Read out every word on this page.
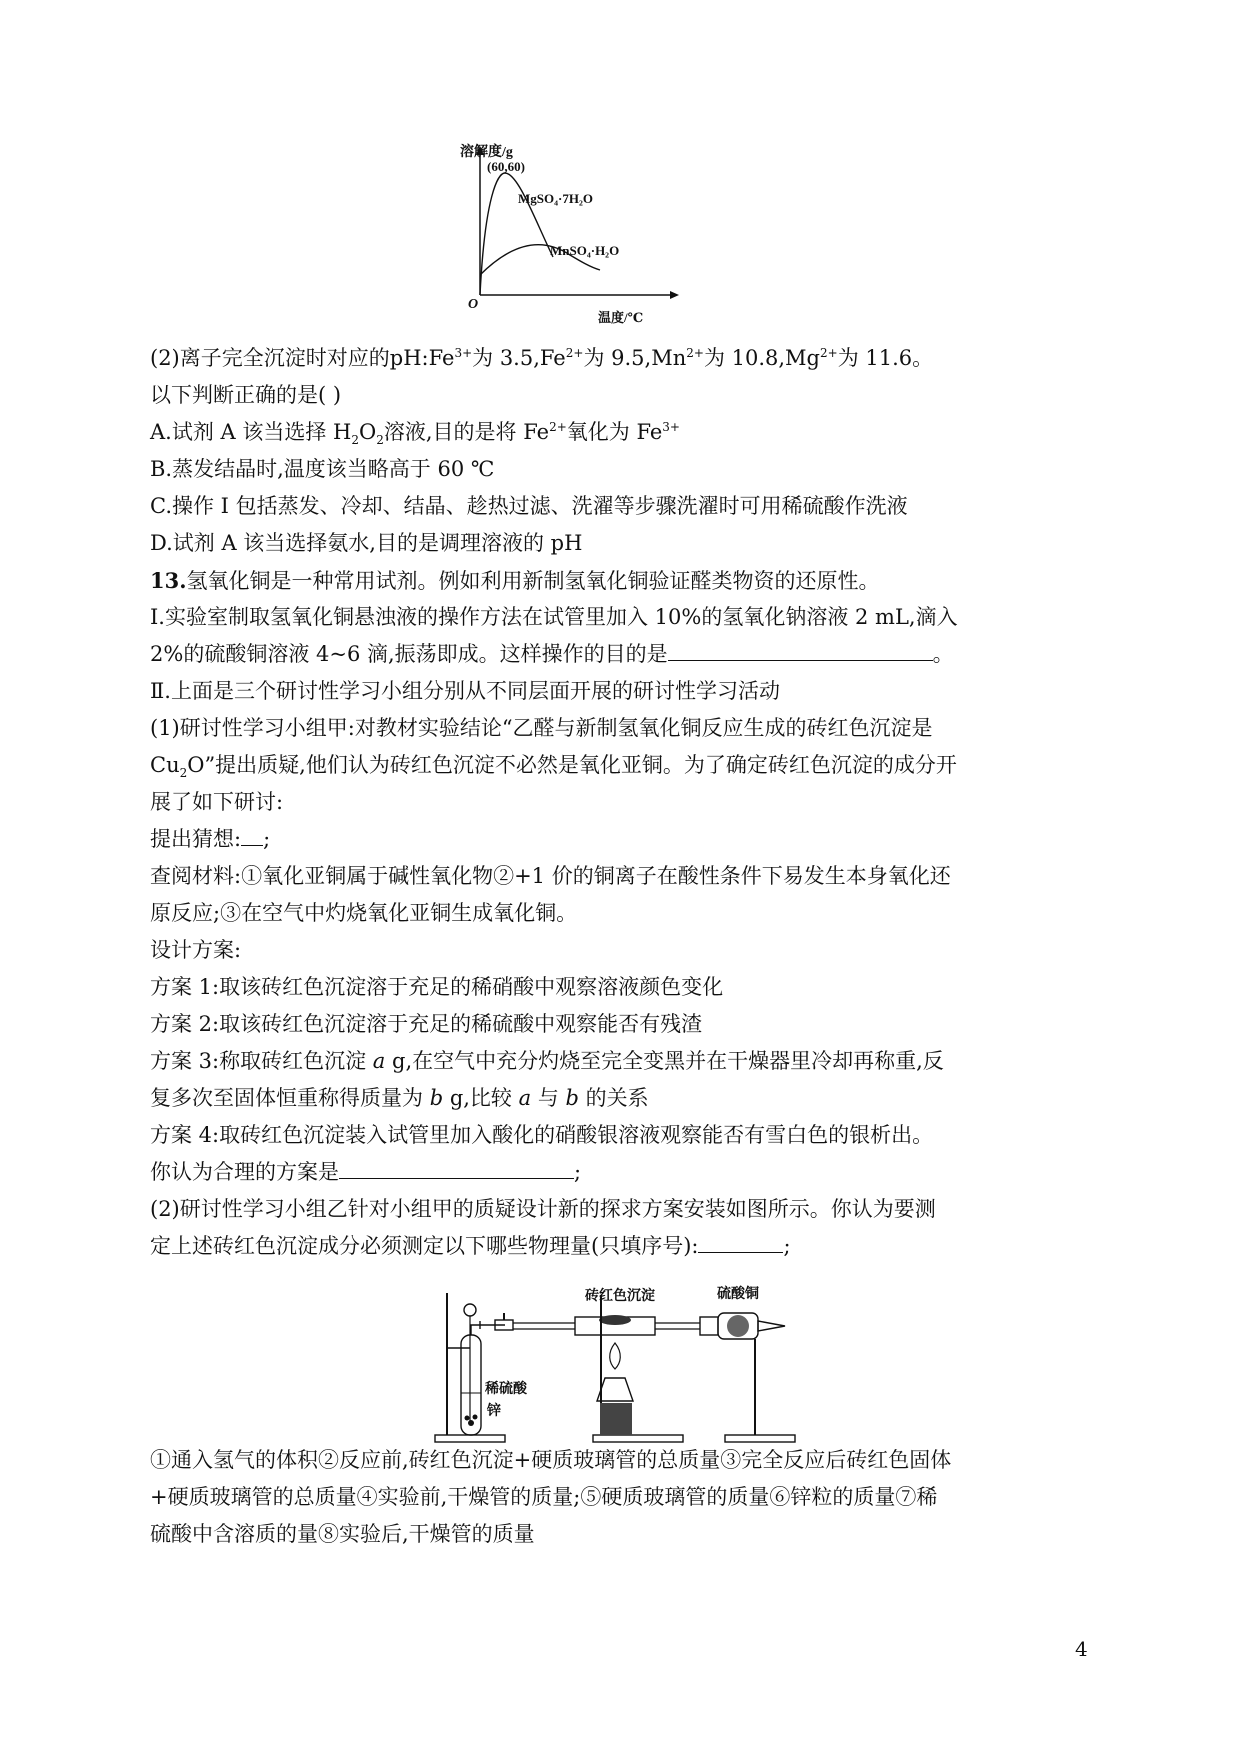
溶解度/g
(60,60)
MgSO₄·7H₂O
MnSO₄·H₂O
O
温度/℃
(2)离子完全沉淀时对应的$pH:Fe^{3+}$为 $3.5,Fe^{2+}$为 $9.5,Mn^{2+}$为 $10.8,Mg^{2+}$为 11.6。
以下判断正确的是( )
A.试剂 A 该当选择 $H_2O_2$溶液,目的是将 $Fe^{2+}$氧化为 $Fe^{3+}$
B.蒸发结晶时,温度该当略高于 60 ℃
C.操作 Ⅰ 包括蒸发、冷却、结晶、趁热过滤、洗濯等步骤洗濯时可用稀硫酸作洗液
D.试剂 A 该当选择氨水,目的是调理溶液的 pH
13.氢氧化铜是一种常用试剂。例如利用新制氢氧化铜验证醛类物资的还原性。
Ⅰ.实验室制取氢氧化铜悬浊液的操作方法在试管里加入 10%的氢氧化钠溶液 2 mL,滴入
2%的硫酸铜溶液 4~6 滴,振荡即成。这样操作的目的是	。
Ⅱ.上面是三个研讨性学习小组分别从不同层面开展的研讨性学习活动
(1)研讨性学习小组甲:对教材实验结论“乙醛与新制氢氧化铜反应生成的砖红色沉淀是
$Cu_2O$”提出质疑,他们认为砖红色沉淀不必然是氧化亚铜。为了确定砖红色沉淀的成分开
展了如下研讨:
提出猜想: ;
查阅材料:①氧化亚铜属于碱性氧化物②+1 价的铜离子在酸性条件下易发生本身氧化还
原反应;③在空气中灼烧氧化亚铜生成氧化铜。
设计方案:
方案 1:取该砖红色沉淀溶于充足的稀硝酸中观察溶液颜色变化
方案 2:取该砖红色沉淀溶于充足的稀硫酸中观察能否有残渣
方案 3:称取砖红色沉淀 a g,在空气中充分灼烧至完全变黑并在干燥器里冷却再称重,反
复多次至固体恒重称得质量为 b g,比较 a 与 b 的关系
方案 4:取砖红色沉淀装入试管里加入酸化的硝酸银溶液观察能否有雪白色的银析出。
你认为合理的方案是	;
(2)研讨性学习小组乙针对小组甲的质疑设计新的探求方案安装如图所示。你认为要测
定上述砖红色沉淀成分必须测定以下哪些物理量(只填序号):	;
①通入氢气的体积②反应前,砖红色沉淀+硬质玻璃管的总质量③完全反应后砖红色固体
+硬质玻璃管的总质量④实验前,干燥管的质量;⑤硬质玻璃管的质量⑥锌粒的质量⑦稀
硫酸中含溶质的量⑧实验后,干燥管的质量
砖红色沉淀	硫酸铜
稀硫酸
锌
4
